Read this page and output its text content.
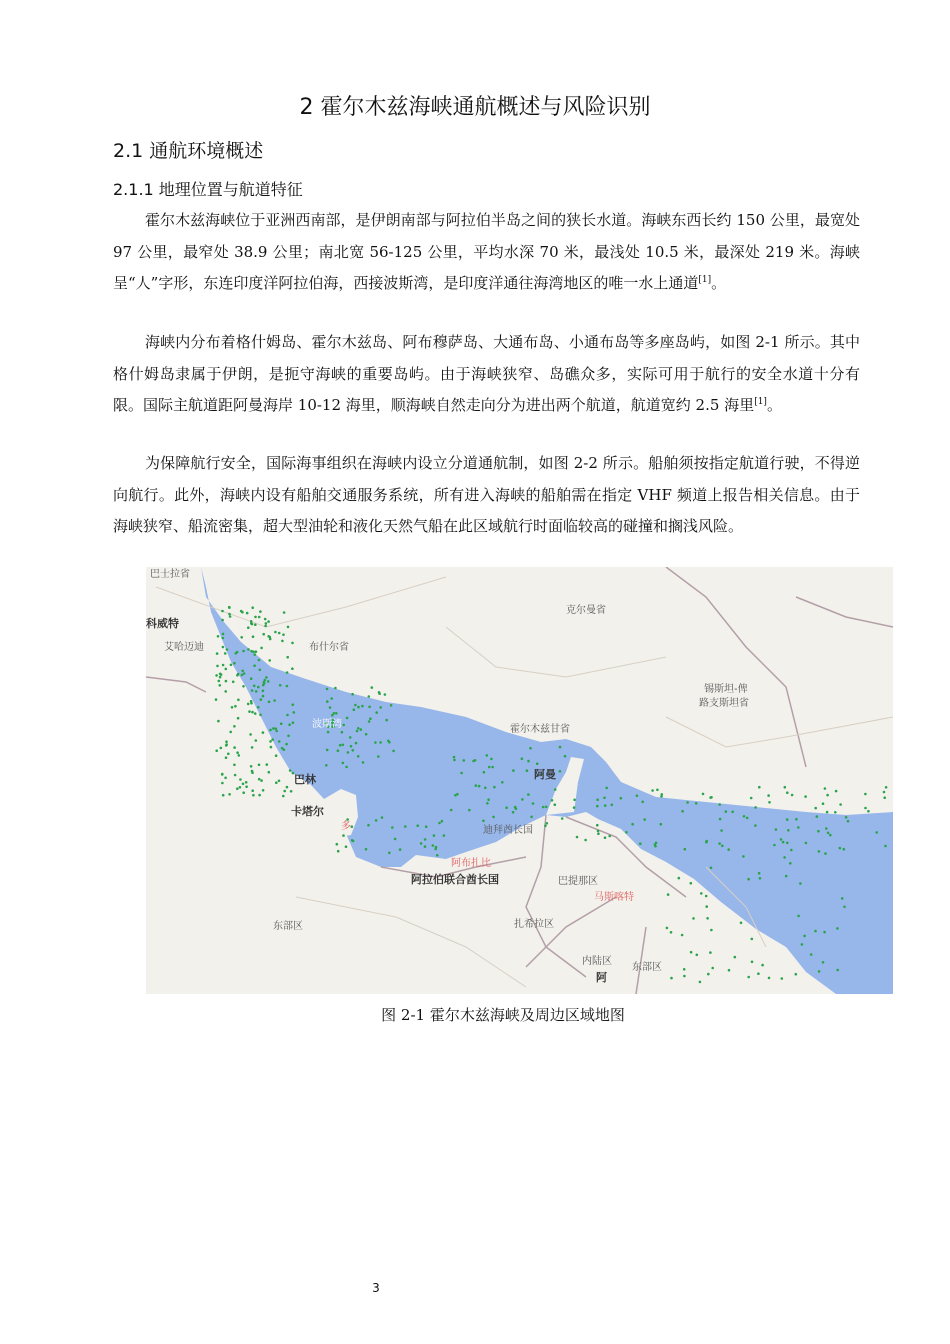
2 霍尔木兹海峡通航概述与风险识别
2.1 通航环境概述
2.1.1 地理位置与航道特征

霍尔木兹海峡位于亚洲西南部，是伊朗南部与阿拉伯半岛之间的狭长水道。海峡东西长约 150 公里，最宽处 97 公里，最窄处 38.9 公里；南北宽 56-125 公里，平均水深 70 米，最浅处 10.5 米，最深处 219 米。海峡呈“人”字形，东连印度洋阿拉伯海，西接波斯湾，是印度洋通往海湾地区的唯一水上通道[1]。

海峡内分布着格什姆岛、霍尔木兹岛、阿布穆萨岛、大通布岛、小通布岛等多座岛屿，如图 2-1 所示。其中格什姆岛隶属于伊朗，是扼守海峡的重要岛屿。由于海峡狭窄、岛礁众多，实际可用于航行的安全水道十分有限。国际主航道距阿曼海岸 10-12 海里，顺海峡自然走向分为进出两个航道，航道宽约 2.5 海里[1]。

为保障航行安全，国际海事组织在海峡内设立分道通航制，如图 2-2 所示。船舶须按指定航道行驶，不得逆向航行。此外，海峡内设有船舶交通服务系统，所有进入海峡的船舶需在指定 VHF 频道上报告相关信息。由于海峡狭窄、船流密集，超大型油轮和液化天然气船在此区域航行时面临较高的碰撞和搁浅风险。

巴士拉省
科威特
艾哈迈迪
克尔曼省
布什尔省
锡斯坦-俾
路支斯坦省
波斯湾	霍尔木兹甘省
巴林	阿曼
卡塔尔
多	迪拜酋长国
阿布扎比
阿拉伯联合酋长国	巴提那区
马斯喀特
东部区	扎希拉区
内陆区
东部区
阿
图 2-1 霍尔木兹海峡及周边区域地图
3
